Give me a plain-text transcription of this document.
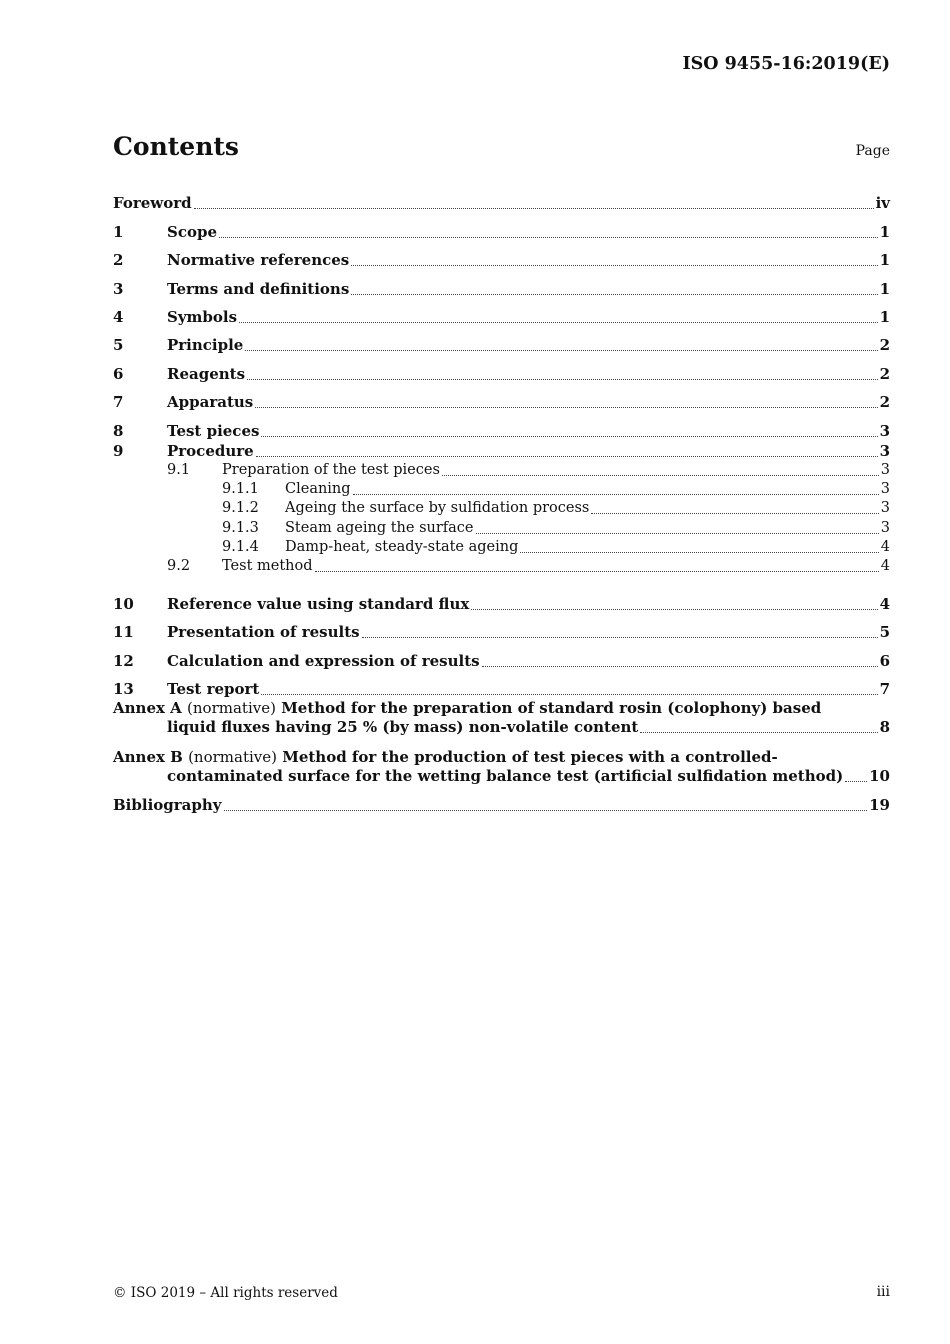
ISO 9455-16:2019(E)
Contents	Page
Foreword	iv
1	Scope	1
2	Normative references	1
3	Terms and definitions	1
4	Symbols	1
5	Principle	2
6	Reagents	2
7	Apparatus	2
8	Test pieces	3
9	Procedure	3
9.1	Preparation of the test pieces	3
9.1.1	Cleaning	3
9.1.2	Ageing the surface by sulfidation process	3
9.1.3	Steam ageing the surface	3
9.1.4	Damp-heat, steady-state ageing	4
9.2	Test method	4
10	Reference value using standard flux	4
11	Presentation of results	5
12	Calculation and expression of results	6
13	Test report	7
Annex A (normative) Method for the preparation of standard rosin (colophony) based
liquid fluxes having 25 % (by mass) non-volatile content	8
Annex B (normative) Method for the production of test pieces with a controlled-
contaminated surface for the wetting balance test (artificial sulfidation method) 10
Bibliography	19
© ISO 2019 – All rights reserved	iii
